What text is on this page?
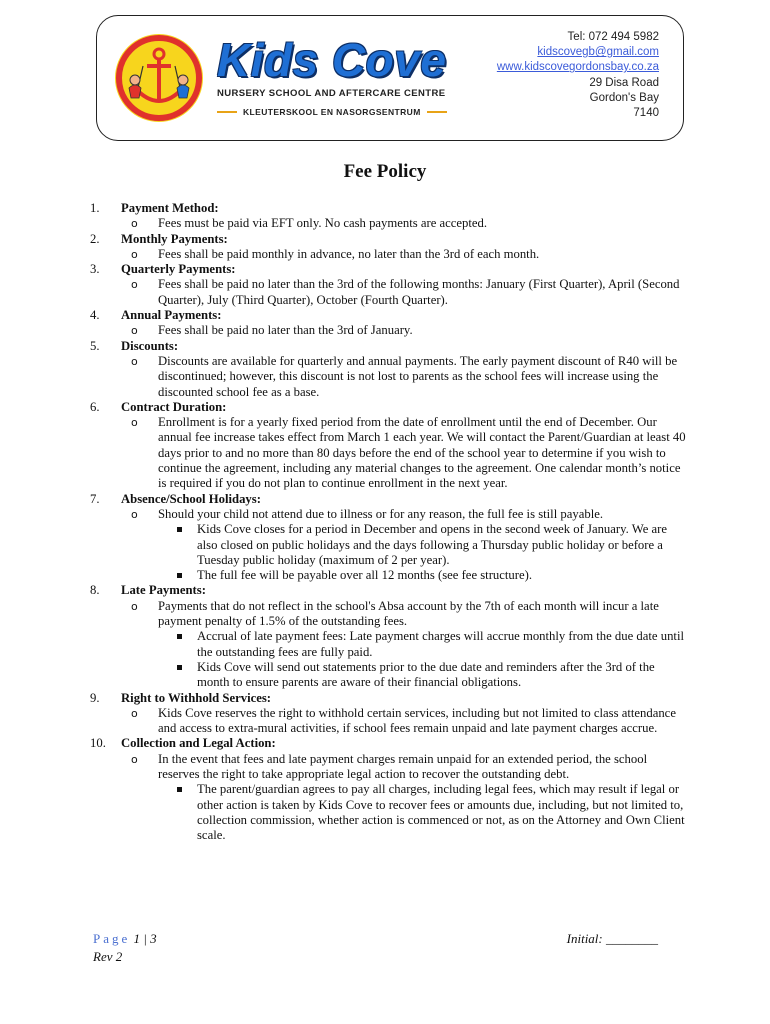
Kids Cove
NURSERY SCHOOL AND AFTERCARE CENTRE
KLEUTERSKOOL EN NASORGSENTRUM
Tel: 072 494 5982
kidscovegb@gmail.com
www.kidscovegordonsbay.co.za
29 Disa Road
Gordon's Bay
7140
Fee Policy
1. Payment Method:
o Fees must be paid via EFT only. No cash payments are accepted.
2. Monthly Payments:
o Fees shall be paid monthly in advance, no later than the 3rd of each month.
3. Quarterly Payments:
o Fees shall be paid no later than the 3rd of the following months: January (First Quarter), April (Second Quarter), July (Third Quarter), October (Fourth Quarter).
4. Annual Payments:
o Fees shall be paid no later than the 3rd of January.
5. Discounts:
o Discounts are available for quarterly and annual payments. The early payment discount of R40 will be discontinued; however, this discount is not lost to parents as the school fees will increase using the discounted school fee as a base.
6. Contract Duration:
o Enrollment is for a yearly fixed period from the date of enrollment until the end of December. Our annual fee increase takes effect from March 1 each year. We will contact the Parent/Guardian at least 40 days prior to and no more than 80 days before the end of the school year to determine if you wish to continue the agreement, including any material changes to the agreement. One calendar month’s notice is required if you do not plan to continue enrollment in the next year.
7. Absence/School Holidays:
o Should your child not attend due to illness or for any reason, the full fee is still payable.
Kids Cove closes for a period in December and opens in the second week of January. We are also closed on public holidays and the days following a Thursday public holiday or before a Tuesday public holiday (maximum of 2 per year).
The full fee will be payable over all 12 months (see fee structure).
8. Late Payments:
o Payments that do not reflect in the school's Absa account by the 7th of each month will incur a late payment penalty of 1.5% of the outstanding fees.
Accrual of late payment fees: Late payment charges will accrue monthly from the due date until the outstanding fees are fully paid.
Kids Cove will send out statements prior to the due date and reminders after the 3rd of the month to ensure parents are aware of their financial obligations.
9. Right to Withhold Services:
o Kids Cove reserves the right to withhold certain services, including but not limited to class attendance and access to extra-mural activities, if school fees remain unpaid and late payment charges accrue.
10. Collection and Legal Action:
o In the event that fees and late payment charges remain unpaid for an extended period, the school reserves the right to take appropriate legal action to recover the outstanding debt.
The parent/guardian agrees to pay all charges, including legal fees, which may result if legal or other action is taken by Kids Cove to recover fees or amounts due, including, but not limited to, collection commission, whether action is commenced or not, as on the Attorney and Own Client scale.
Page 1 | 3
Rev 2
Initial: ________
